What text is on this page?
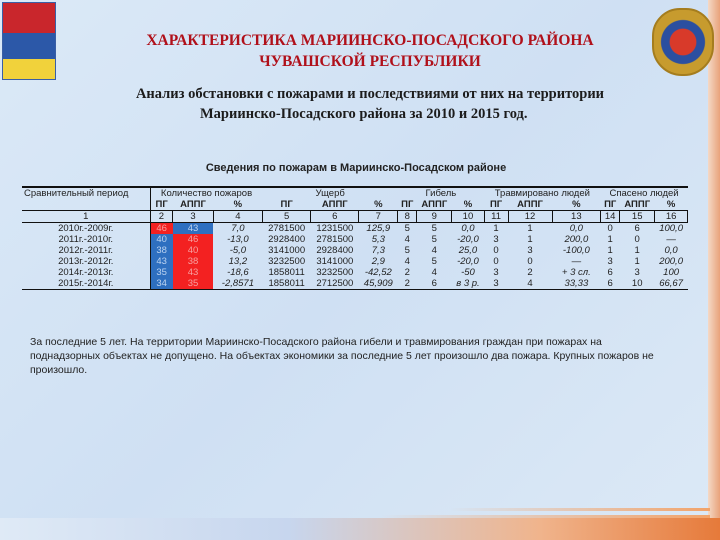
ХАРАКТЕРИСТИКА МАРИИНСКО-ПОСАДСКОГО РАЙОНА
ЧУВАШСКОЙ РЕСПУБЛИКИ
Анализ обстановки с пожарами и последствиями от них на территории
Мариинско-Посадского района за 2010 и 2015 год.
Сведения по пожарам в Мариинско-Посадском районе
Сравнительный период	Количество пожаров			Ущерб			Гибель			Травмировано людей			Спасено людей		
	ПГ	АППГ	%	ПГ	АППГ	%	ПГ	АППГ	%	ПГ	АППГ	%	ПГ	АППГ	%
1	2	3	4	5	6	7	8	9	10	11	12	13	14	15	16
2010г.-2009г.	46	43	7,0	2781500	1231500	125,9	5	5	0,0	1	1	0,0	0	6	100,0
2011г.-2010г.	40	46	-13,0	2928400	2781500	5,3	4	5	-20,0	3	1	200,0	1	0	—
2012г.-2011г.	38	40	-5,0	3141000	2928400	7,3	5	4	25,0	0	3	-100,0	1	1	0,0
2013г.-2012г.	43	38	13,2	3232500	3141000	2,9	4	5	-20,0	0	0	—	3	1	200,0
2014г.-2013г.	35	43	-18,6	1858011	3232500	-42,52	2	4	-50	3	2	+ 3 сл.	6	3	100
2015г.-2014г.	34	35	-2,8571	1858011	2712500	45,909	2	6	в 3 р.	3	4	33,33	6	10	66,67
За последние 5 лет. На территории Мариинско-Посадского района гибели и травмирования граждан при пожарах на поднадзорных объектах не допущено. На объектах экономики за последние 5 лет произошло два пожара. Крупных пожаров не произошло.
